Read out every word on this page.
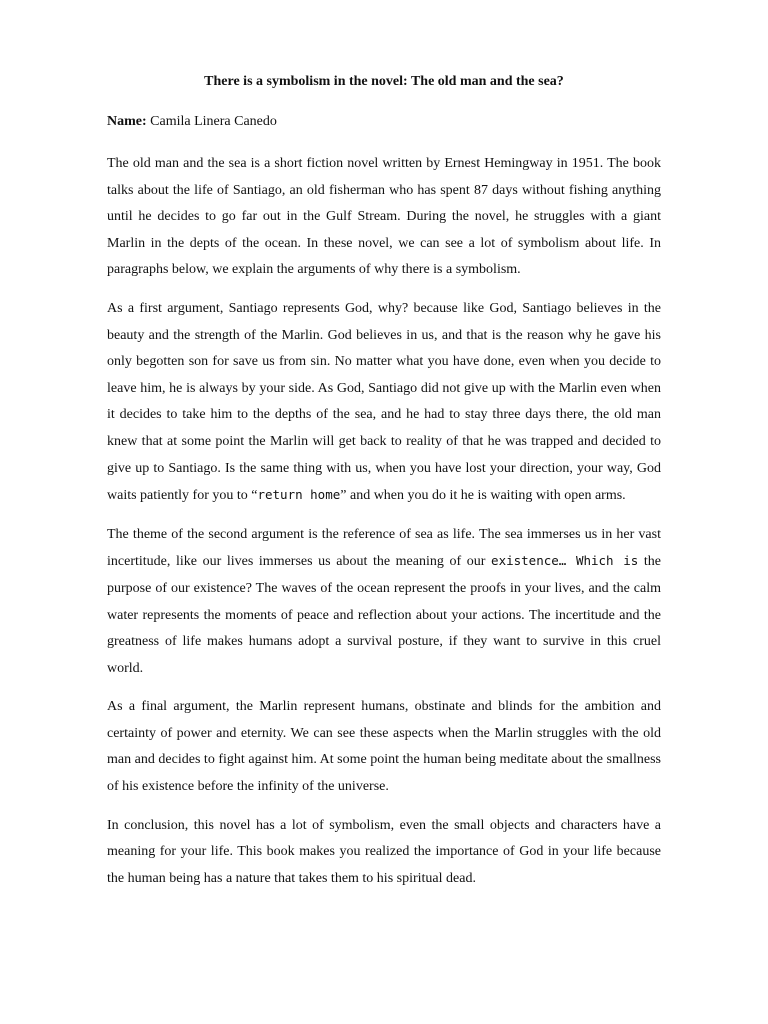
There is a symbolism in the novel: The old man and the sea?

Name: Camila Linera Canedo

The old man and the sea is a short fiction novel written by Ernest Hemingway in 1951. The book talks about the life of Santiago, an old fisherman who has spent 87 days without fishing anything until he decides to go far out in the Gulf Stream. During the novel, he struggles with a giant Marlin in the depts of the ocean. In these novel, we can see a lot of symbolism about life. In paragraphs below, we explain the arguments of why there is a symbolism.

As a first argument, Santiago represents God, why? because like God, Santiago believes in the beauty and the strength of the Marlin. God believes in us, and that is the reason why he gave his only begotten son for save us from sin. No matter what you have done, even when you decide to leave him, he is always by your side. As God, Santiago did not give up with the Marlin even when it decides to take him to the depths of the sea, and he had to stay three days there, the old man knew that at some point the Marlin will get back to reality of that he was trapped and decided to give up to Santiago. Is the same thing with us, when you have lost your direction, your way, God waits patiently for you to “return home” and when you do it he is waiting with open arms.

The theme of the second argument is the reference of sea as life. The sea immerses us in her vast incertitude, like our lives immerses us about the meaning of our existence… Which is the purpose of our existence? The waves of the ocean represent the proofs in your lives, and the calm water represents the moments of peace and reflection about your actions. The incertitude and the greatness of life makes humans adopt a survival posture, if they want to survive in this cruel world.

As a final argument, the Marlin represent humans, obstinate and blinds for the ambition and certainty of power and eternity. We can see these aspects when the Marlin struggles with the old man and decides to fight against him. At some point the human being meditate about the smallness of his existence before the infinity of the universe.

In conclusion, this novel has a lot of symbolism, even the small objects and characters have a meaning for your life. This book makes you realized the importance of God in your life because the human being has a nature that takes them to his spiritual dead.
